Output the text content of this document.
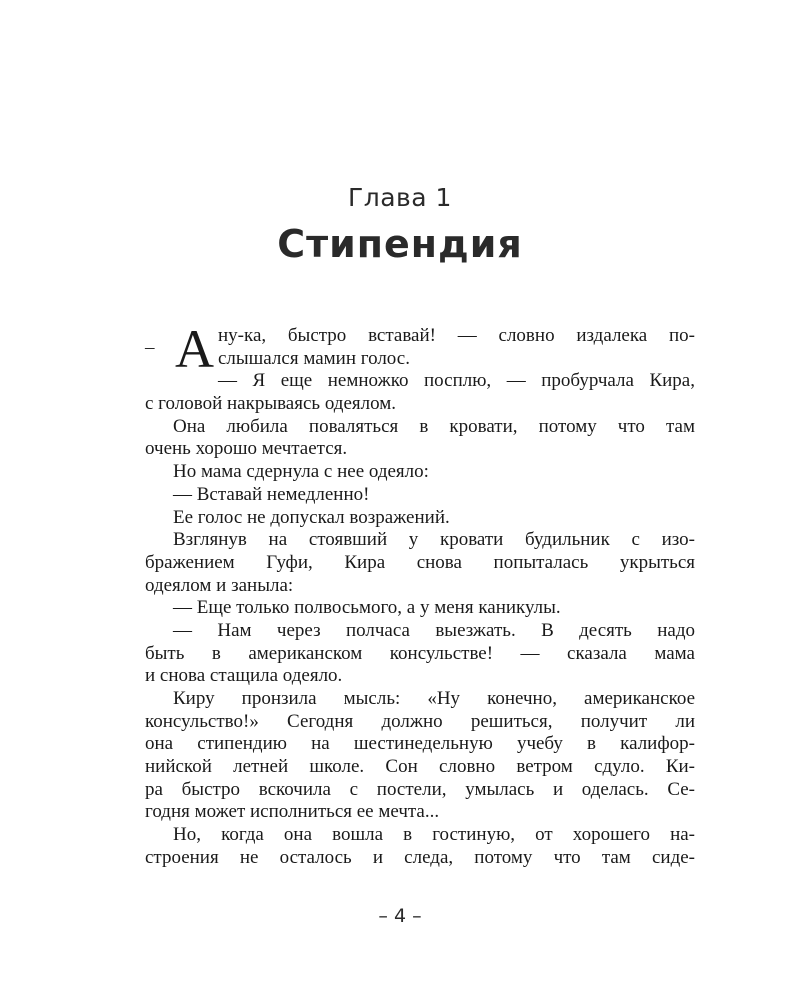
Глава 1
Стипендия
– А ну-ка, быстро вставай! — словно издалека по-
слышался мамин голос.
— Я еще немножко посплю, — пробурчала Кира,
с головой накрываясь одеялом.
Она любила поваляться в кровати, потому что там
очень хорошо мечтается.
Но мама сдернула с нее одеяло:
— Вставай немедленно!
Ее голос не допускал возражений.
Взглянув на стоявший у кровати будильник с изо-
бражением Гуфи, Кира снова попыталась укрыться
одеялом и заныла:
— Еще только полвосьмого, а у меня каникулы.
— Нам через полчаса выезжать. В десять надо
быть в американском консульстве! — сказала мама
и снова стащила одеяло.
Киру пронзила мысль: «Ну конечно, американское
консульство!» Сегодня должно решиться, получит ли
она стипендию на шестинедельную учебу в калифор-
нийской летней школе. Сон словно ветром сдуло. Ки-
ра быстро вскочила с постели, умылась и оделась. Се-
годня может исполниться ее мечта...
Но, когда она вошла в гостиную, от хорошего на-
строения не осталось и следа, потому что там сиде-
– 4 –
